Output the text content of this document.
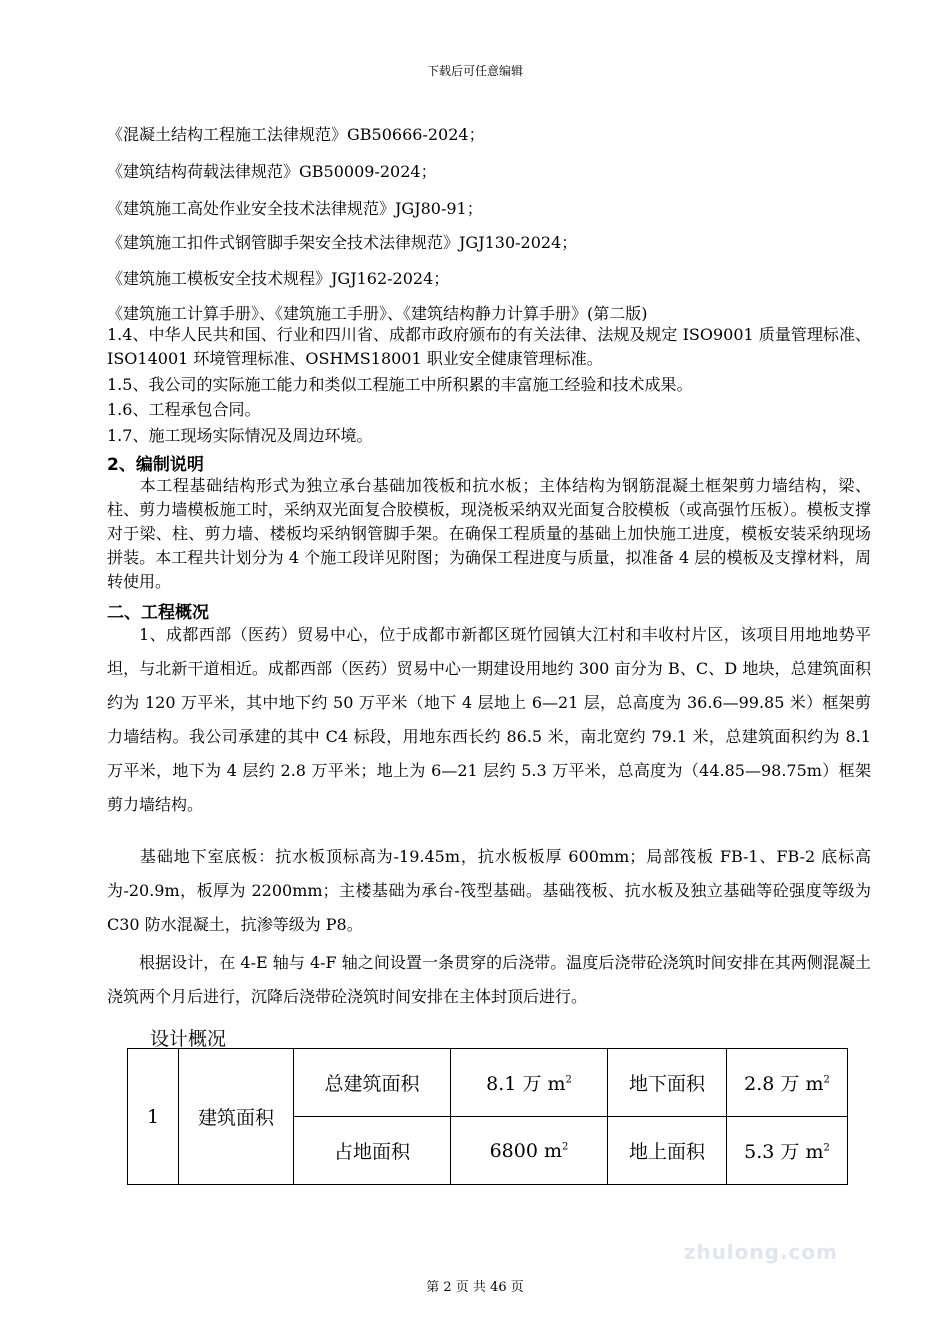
下载后可任意编辑
《混凝土结构工程施工法律规范》GB50666-2024；
《建筑结构荷载法律规范》GB50009-2024；
《建筑施工高处作业安全技术法律规范》JGJ80-91；
《建筑施工扣件式钢管脚手架安全技术法律规范》JGJ130-2024；
《建筑施工模板安全技术规程》JGJ162-2024；
《建筑施工计算手册》、《建筑施工手册》、《建筑结构静力计算手册》(第二版)
1.4、中华人民共和国、行业和四川省、成都市政府颁布的有关法律、法规及规定 ISO9001 质量管理标准、ISO14001 环境管理标准、OSHMS18001 职业安全健康管理标准。
1.5、我公司的实际施工能力和类似工程施工中所积累的丰富施工经验和技术成果。
1.6、工程承包合同。
1.7、施工现场实际情况及周边环境。
2、编制说明
本工程基础结构形式为独立承台基础加筏板和抗水板；主体结构为钢筋混凝土框架剪力墙结构，梁、柱、剪力墙模板施工时，采纳双光面复合胶模板，现浇板采纳双光面复合胶模板（或高强竹压板）。模板支撑对于梁、柱、剪力墙、楼板均采纳钢管脚手架。在确保工程质量的基础上加快施工进度，模板安装采纳现场拼装。本工程共计划分为 4 个施工段详见附图；为确保工程进度与质量，拟准备 4 层的模板及支撑材料，周转使用。
二、工程概况
1、成都西部（医药）贸易中心，位于成都市新都区斑竹园镇大江村和丰收村片区，该项目用地地势平坦，与北新干道相近。成都西部（医药）贸易中心一期建设用地约 300 亩分为 B、C、D 地块，总建筑面积约为 120 万平米，其中地下约 50 万平米（地下 4 层地上 6—21 层，总高度为 36.6—99.85 米）框架剪力墙结构。我公司承建的其中 C4 标段，用地东西长约 86.5 米，南北宽约 79.1 米，总建筑面积约为 8.1 万平米，地下为 4 层约 2.8 万平米；地上为 6—21 层约 5.3 万平米，总高度为（44.85—98.75m）框架剪力墙结构。
基础地下室底板：抗水板顶标高为-19.45m，抗水板板厚 600mm；局部筏板 FB-1、FB-2 底标高为-20.9m，板厚为 2200mm；主楼基础为承台-筏型基础。基础筏板、抗水板及独立基础等砼强度等级为 C30 防水混凝土，抗渗等级为 P8。
根据设计，在 4-E 轴与 4-F 轴之间设置一条贯穿的后浇带。温度后浇带砼浇筑时间安排在其两侧混凝土浇筑两个月后进行，沉降后浇带砼浇筑时间安排在主体封顶后进行。
设计概况
1	建筑面积	总建筑面积	8.1 万 $m^2$	地下面积	2.8 万 $m^2$
		占地面积	6800 $m^2$	地上面积	5.3 万 $m^2$
zhulong.com
第 2 页 共 46 页
